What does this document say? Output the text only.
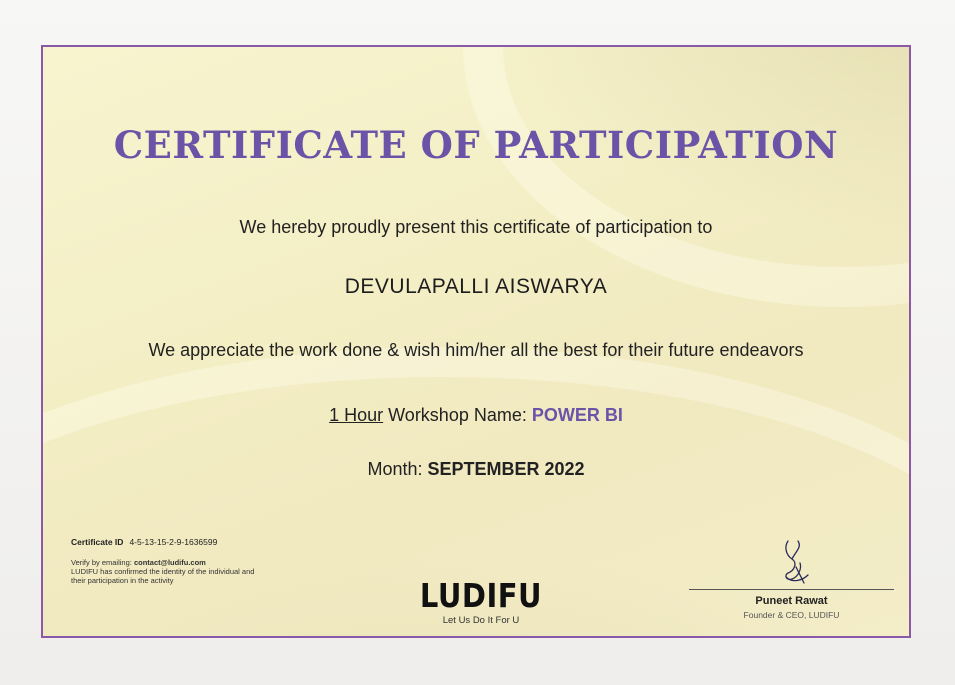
CERTIFICATE OF PARTICIPATION
We hereby proudly present this certificate of participation to
DEVULAPALLI AISWARYA
We appreciate the work done & wish him/her all the best for their future endeavors
1 Hour Workshop Name: POWER BI
Month: SEPTEMBER 2022
Certificate ID 4-5-13-15-2-9-1636599
Verify by emailing: contact@ludifu.com
LUDIFU has confirmed the identity of the individual and their participation in the activity	LUDIFU
Let Us Do It For U
Puneet Rawat
Founder & CEO, LUDIFU
